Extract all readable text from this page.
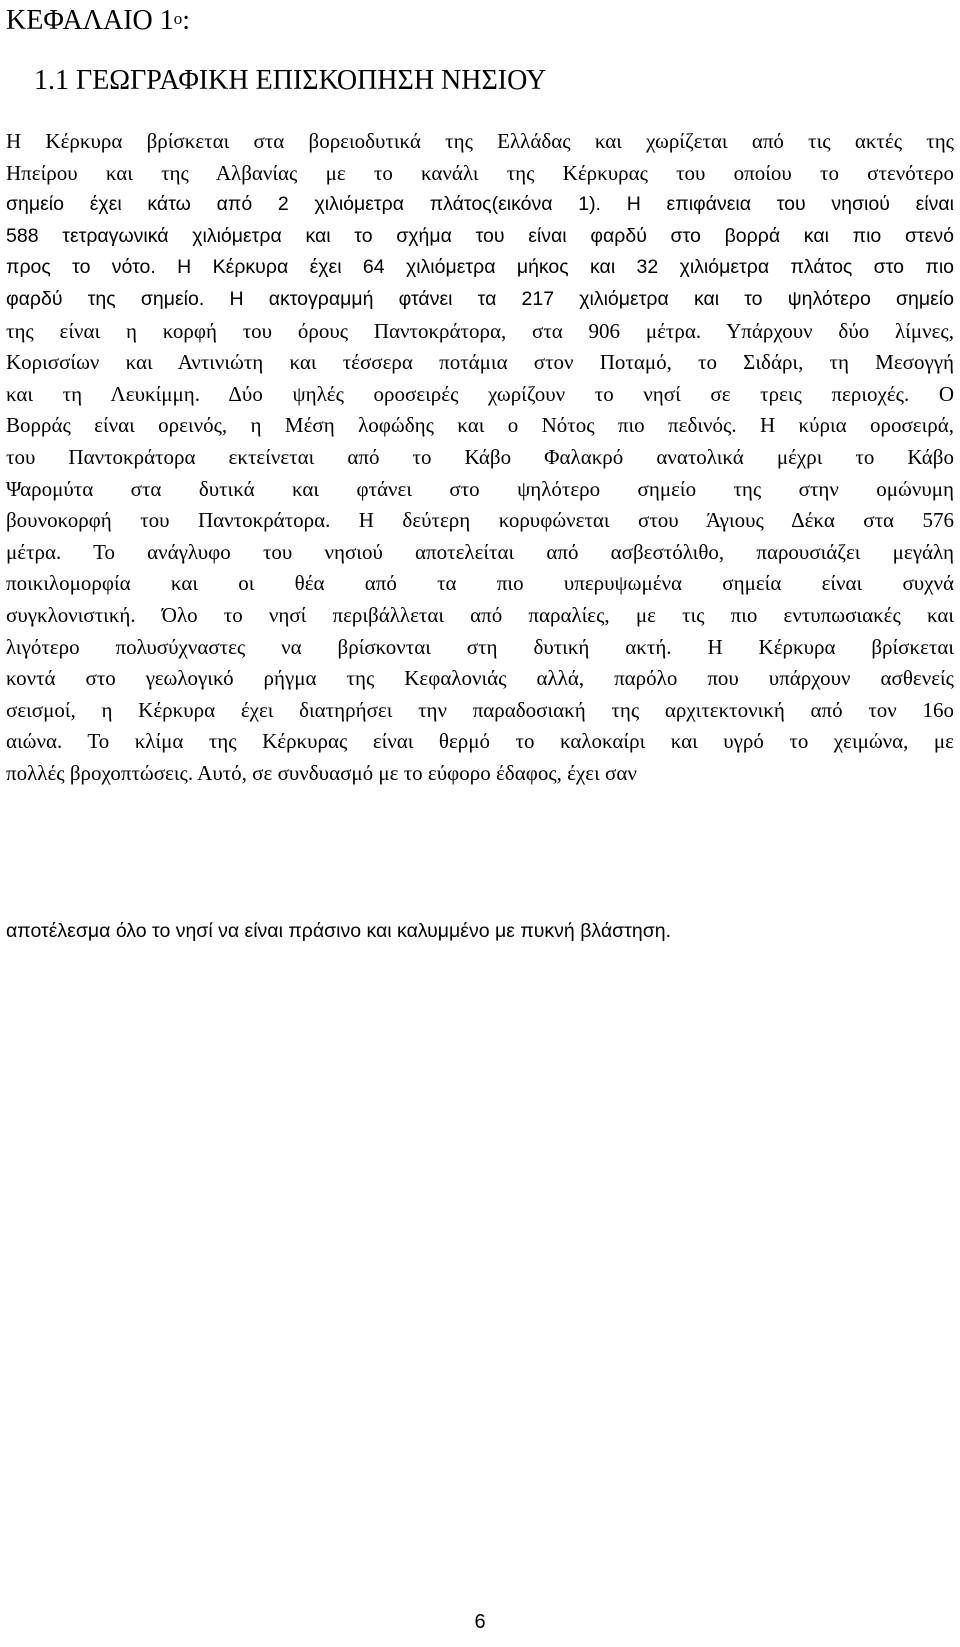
ΚΕΦΑΛΑΙΟ $1^o$:
1.1 ΓΕΩΓΡΑΦΙΚΗ ΕΠΙΣΚΟΠΗΣΗ ΝΗΣΙΟΥ
Η Κέρκυρα βρίσκεται στα βορειοδυτικά της Ελλάδας και χωρίζεται από τις ακτές της
Ηπείρου και της Αλβανίας με το κανάλι της Κέρκυρας του οποίου το στενότερο
σημείο έχει κάτω από 2 χιλιόμετρα πλάτος(εικόνα 1). Η επιφάνεια του νησιού είναι
588 τετραγωνικά χιλιόμετρα και το σχήμα του είναι φαρδύ στο βορρά και πιο στενό
προς το νότο. Η Κέρκυρα έχει 64 χιλιόμετρα μήκος και 32 χιλιόμετρα πλάτος στο πιο
φαρδύ της σημείο. Η ακτογραμμή φτάνει τα 217 χιλιόμετρα και το ψηλότερο σημείο
της είναι η κορφή του όρους Παντοκράτορα, στα 906 μέτρα. Υπάρχουν δύο λίμνες,
Κορισσίων και Αντινιώτη και τέσσερα ποτάμια στον Ποταμό, το Σιδάρι, τη Μεσογγή
και τη Λευκίμμη. Δύο ψηλές οροσειρές χωρίζουν το νησί σε τρεις περιοχές. Ο
Βορράς είναι ορεινός, η Μέση λοφώδης και ο Νότος πιο πεδινός. Η κύρια οροσειρά,
του Παντοκράτορα εκτείνεται από το Κάβο Φαλακρό ανατολικά μέχρι το Κάβο
Ψαρομύτα στα δυτικά και φτάνει στο ψηλότερο σημείο της στην ομώνυμη
βουνοκορφή του Παντοκράτορα. Η δεύτερη κορυφώνεται στου Άγιους Δέκα στα 576
μέτρα. Το ανάγλυφο του νησιού αποτελείται από ασβεστόλιθο, παρουσιάζει μεγάλη
ποικιλομορφία και οι θέα από τα πιο υπερυψωμένα σημεία είναι συχνά
συγκλονιστική. Όλο το νησί περιβάλλεται από παραλίες, με τις πιο εντυπωσιακές και
λιγότερο πολυσύχναστες να βρίσκονται στη δυτική ακτή. Η Κέρκυρα βρίσκεται
κοντά στο γεωλογικό ρήγμα της Κεφαλονιάς αλλά, παρόλο που υπάρχουν ασθενείς
σεισμοί, η Κέρκυρα έχει διατηρήσει την παραδοσιακή της αρχιτεκτονική από τον 16ο
αιώνα. Το κλίμα της Κέρκυρας είναι θερμό το καλοκαίρι και υγρό το χειμώνα, με
πολλές βροχοπτώσεις. Αυτό, σε συνδυασμό με το εύφορο έδαφος, έχει σαν
αποτέλεσμα όλο το νησί να είναι πράσινο και καλυμμένο με πυκνή βλάστηση.
6
